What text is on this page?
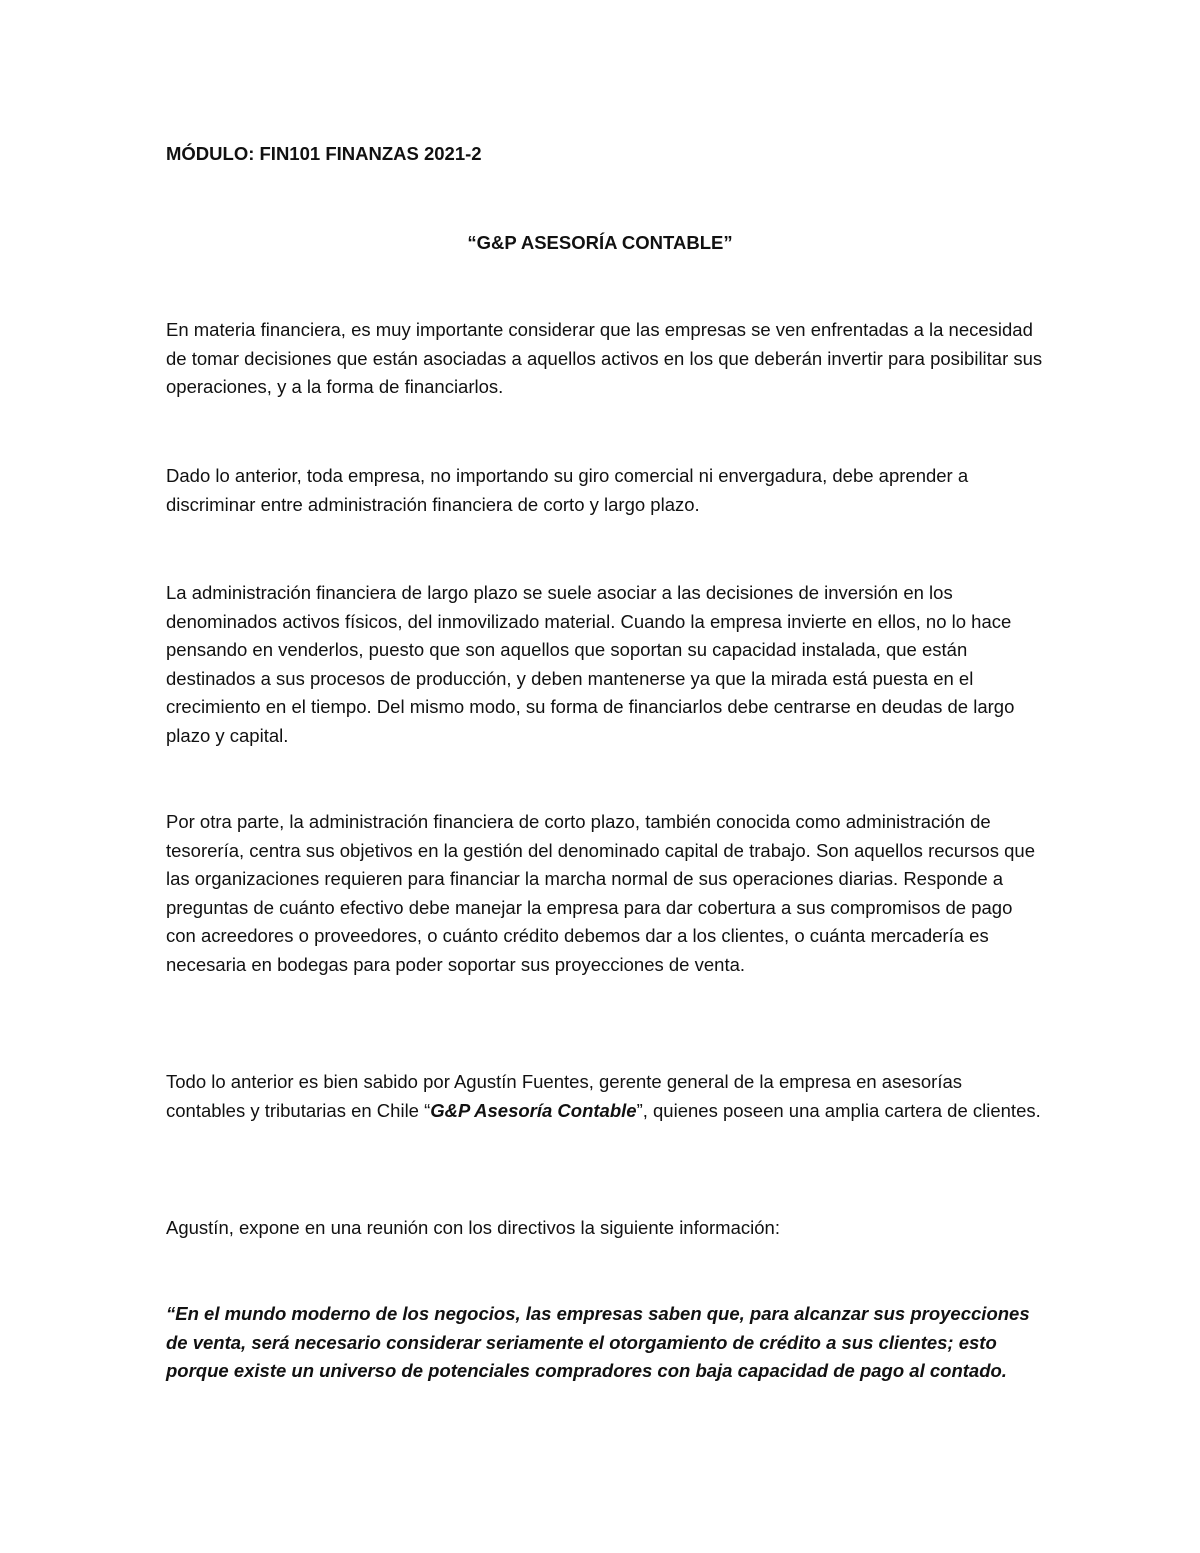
MÓDULO: FIN101 FINANZAS 2021-2
“G&P ASESORÍA CONTABLE”
En materia financiera, es muy importante considerar que las empresas se ven enfrentadas a la necesidad de tomar decisiones que están asociadas a aquellos activos en los que deberán invertir para posibilitar sus operaciones, y a la forma de financiarlos.
Dado lo anterior, toda empresa, no importando su giro comercial ni envergadura, debe aprender a discriminar entre administración financiera de corto y largo plazo.
La administración financiera de largo plazo se suele asociar a las decisiones de inversión en los denominados activos físicos, del inmovilizado material. Cuando la empresa invierte en ellos, no lo hace pensando en venderlos, puesto que son aquellos que soportan su capacidad instalada, que están destinados a sus procesos de producción, y deben mantenerse ya que la mirada está puesta en el crecimiento en el tiempo. Del mismo modo, su forma de financiarlos debe centrarse en deudas de largo plazo y capital.
Por otra parte, la administración financiera de corto plazo, también conocida como administración de tesorería, centra sus objetivos en la gestión del denominado capital de trabajo. Son aquellos recursos que las organizaciones requieren para financiar la marcha normal de sus operaciones diarias. Responde a preguntas de cuánto efectivo debe manejar la empresa para dar cobertura a sus compromisos de pago con acreedores o proveedores, o cuánto crédito debemos dar a los clientes, o cuánta mercadería es necesaria en bodegas para poder soportar sus proyecciones de venta.
Todo lo anterior es bien sabido por Agustín Fuentes, gerente general de la empresa en asesorías contables y tributarias en Chile “G&P Asesoría Contable”, quienes poseen una amplia cartera de clientes.
Agustín, expone en una reunión con los directivos la siguiente información:
“En el mundo moderno de los negocios, las empresas saben que, para alcanzar sus proyecciones de venta, será necesario considerar seriamente el otorgamiento de crédito a sus clientes; esto porque existe un universo de potenciales compradores con baja capacidad de pago al contado.
